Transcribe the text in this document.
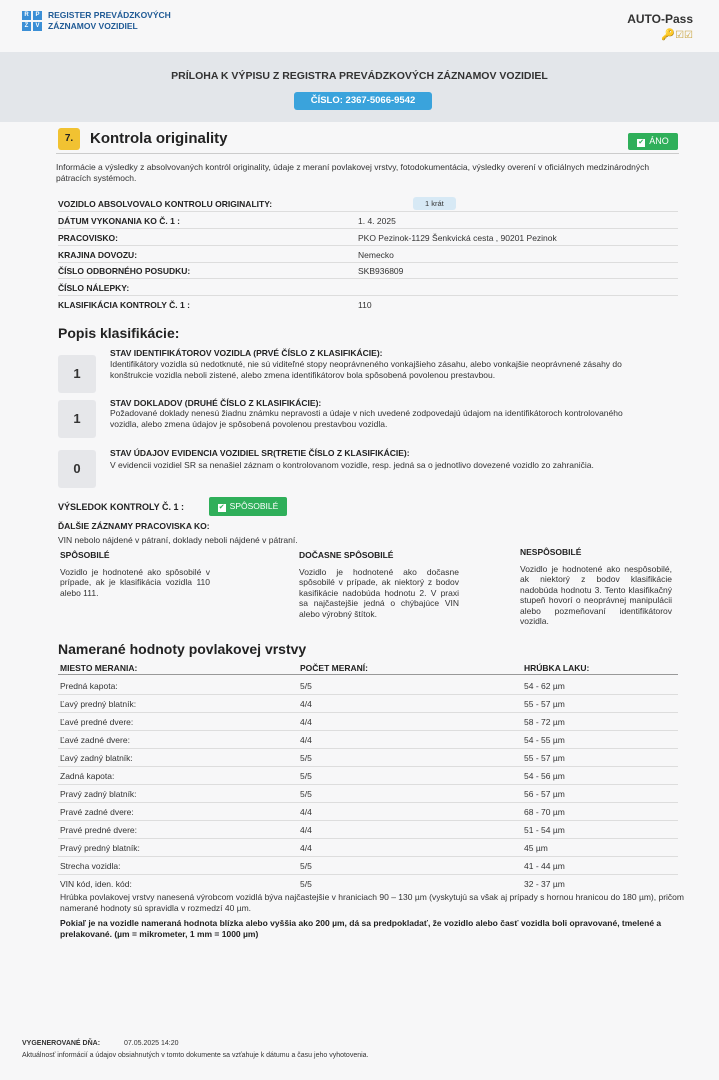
R	P
Z	V
REGISTER PREVÁDZKOVÝCH
ZÁZNAMOV VOZIDIEL	AUTO-Pass
🔑☑☑
PRÍLOHA K VÝPISU Z REGISTRA PREVÁDZKOVÝCH ZÁZNAMOV VOZIDIEL
ČÍSLO: 2367-5066-9542
7.	Kontrola originality	✔ ÁNO
Informácie a výsledky z absolvovaných kontról originality, údaje z meraní povlakovej vrstvy, fotodokumentácia, výsledky overení v oficiálnych medzinárodných pátracích systémoch.
VOZIDLO ABSOLVOVALO KONTROLU ORIGINALITY:	1 krát
DÁTUM VYKONANIA KO Č. 1 :	1. 4. 2025
PRACOVISKO:	PKO Pezinok-1129 Šenkvická cesta , 90201 Pezinok
KRAJINA DOVOZU:	Nemecko
ČÍSLO ODBORNÉHO POSUDKU:	SKB936809
ČÍSLO NÁLEPKY:
KLASIFIKÁCIA KONTROLY Č. 1 :	110
Popis klasifikácie:
1
STAV IDENTIFIKÁTOROV VOZIDLA (PRVÉ ČÍSLO Z KLASIFIKÁCIE):
Identifikátory vozidla sú nedotknuté, nie sú viditeľné stopy neoprávneného vonkajšieho zásahu, alebo vonkajšie neoprávnené zásahy do konštrukcie vozidla neboli zistené, alebo zmena identifikátorov bola spôsobená povolenou prestavbou.
1
STAV DOKLADOV (DRUHÉ ČÍSLO Z KLASIFIKÁCIE):
Požadované doklady nenesú žiadnu známku nepravosti a údaje v nich uvedené zodpovedajú údajom na identifikátoroch kontrolovaného vozidla, alebo zmena údajov je spôsobená povolenou prestavbou vozidla.
0
STAV ÚDAJOV EVIDENCIA VOZIDIEL SR(TRETIE ČÍSLO Z KLASIFIKÁCIE):
V evidencii vozidiel SR sa nenašiel záznam o kontrolovanom vozidle, resp. jedná sa o jednotlivo dovezené vozidlo zo zahraničia.
VÝSLEDOK KONTROLY Č. 1 :	✔ SPÔSOBILÉ
ĎALŠIE ZÁZNAMY PRACOVISKA KO:
VIN nebolo nájdené v pátraní, doklady neboli nájdené v pátraní.
SPÔSOBILÉ
Vozidlo je hodnotené ako spôsobilé v prípade, ak je klasifikácia vozidla 110 alebo 111.
DOČASNE SPÔSOBILÉ
Vozidlo je hodnotené ako dočasne spôsobilé v prípade, ak niektorý z bodov kasifikácie nadobúda hodnotu 2. V praxi sa najčastejšie jedná o chýbajúce VIN alebo výrobný štítok.
NESPÔSOBILÉ
Vozidlo je hodnotené ako nespôsobilé, ak niektorý z bodov klasifikácie nadobúda hodnotu 3. Tento klasifikačný stupeň hovorí o neoprávnej manipulácii alebo pozmeňovaní identifikátorov vozidla.
Namerané hodnoty povlakovej vrstvy
MIESTO MERANIA:	POČET MERANÍ:	HRÚBKA LAKU:
Predná kapota:	5/5	54 - 62 µm
Ľavý predný blatník:	4/4	55 - 57 µm
Ľavé predné dvere:	4/4	58 - 72 µm
Ľavé zadné dvere:	4/4	54 - 55 µm
Ľavý zadný blatník:	5/5	55 - 57 µm
Zadná kapota:	5/5	54 - 56 µm
Pravý zadný blatník:	5/5	56 - 57 µm
Pravé zadné dvere:	4/4	68 - 70 µm
Pravé predné dvere:	4/4	51 - 54 µm
Pravý predný blatník:	4/4	45 µm
Strecha vozidla:	5/5	41 - 44 µm
VIN kód, iden. kód:	5/5	32 - 37 µm
Hrúbka povlakovej vrstvy nanesená výrobcom vozidlá býva najčastejšie v hraniciach 90 – 130 µm (vyskytujú sa však aj prípady s hornou hranicou do 180 µm), pričom namerané hodnoty sú spravidla v rozmedzí 40 µm.
Pokiaľ je na vozidle nameraná hodnota blízka alebo vyššia ako 200 µm, dá sa predpokladať, že vozidlo alebo časť vozidla boli opravované, tmelené a prelakované. (µm = mikrometer, 1 mm = 1000 µm)
VYGENEROVANÉ DŇA:	07.05.2025 14:20
Aktuálnosť informácií a údajov obsiahnutých v tomto dokumente sa vzťahuje k dátumu a času jeho vyhotovenia.
